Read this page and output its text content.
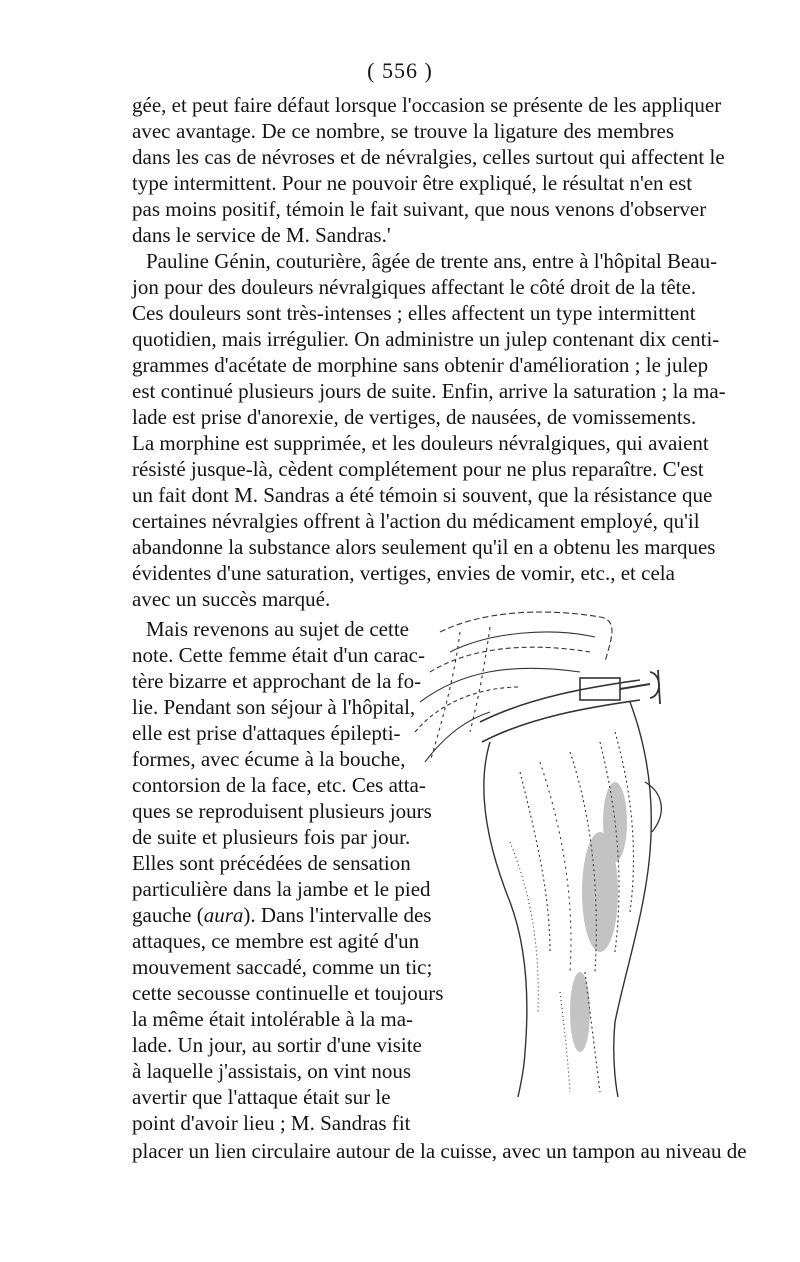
( 556 )
gée, et peut faire défaut lorsque l'occasion se présente de les appliquer
avec avantage. De ce nombre, se trouve la ligature des membres
dans les cas de névroses et de névralgies, celles surtout qui affectent le
type intermittent. Pour ne pouvoir être expliqué, le résultat n'en est
pas moins positif, témoin le fait suivant, que nous venons d'observer
dans le service de M. Sandras.'
Pauline Génin, couturière, âgée de trente ans, entre à l'hôpital Beau-
jon pour des douleurs névralgiques affectant le côté droit de la tête.
Ces douleurs sont très-intenses ; elles affectent un type intermittent
quotidien, mais irrégulier. On administre un julep contenant dix centi-
grammes d'acétate de morphine sans obtenir d'amélioration ; le julep
est continué plusieurs jours de suite. Enfin, arrive la saturation ; la ma-
lade est prise d'anorexie, de vertiges, de nausées, de vomissements.
La morphine est supprimée, et les douleurs névralgiques, qui avaient
résisté jusque-là, cèdent complétement pour ne plus reparaître. C'est
un fait dont M. Sandras a été témoin si souvent, que la résistance que
certaines névralgies offrent à l'action du médicament employé, qu'il
abandonne la substance alors seulement qu'il en a obtenu les marques
évidentes d'une saturation, vertiges, envies de vomir, etc., et cela
avec un succès marqué.
Mais revenons au sujet de cette
note. Cette femme était d'un carac-
tère bizarre et approchant de la fo-
lie. Pendant son séjour à l'hôpital,
elle est prise d'attaques épilepti-
formes, avec écume à la bouche,
contorsion de la face, etc. Ces atta-
ques se reproduisent plusieurs jours
de suite et plusieurs fois par jour.
Elles sont précédées de sensation
particulière dans la jambe et le pied
gauche (aura). Dans l'intervalle des
attaques, ce membre est agité d'un
mouvement saccadé, comme un tic;
cette secousse continuelle et toujours
la même était intolérable à la ma-
lade. Un jour, au sortir d'une visite
à laquelle j'assistais, on vint nous
avertir que l'attaque était sur le
point d'avoir lieu ; M. Sandras fit
placer un lien circulaire autour de la cuisse, avec un tampon au niveau de
